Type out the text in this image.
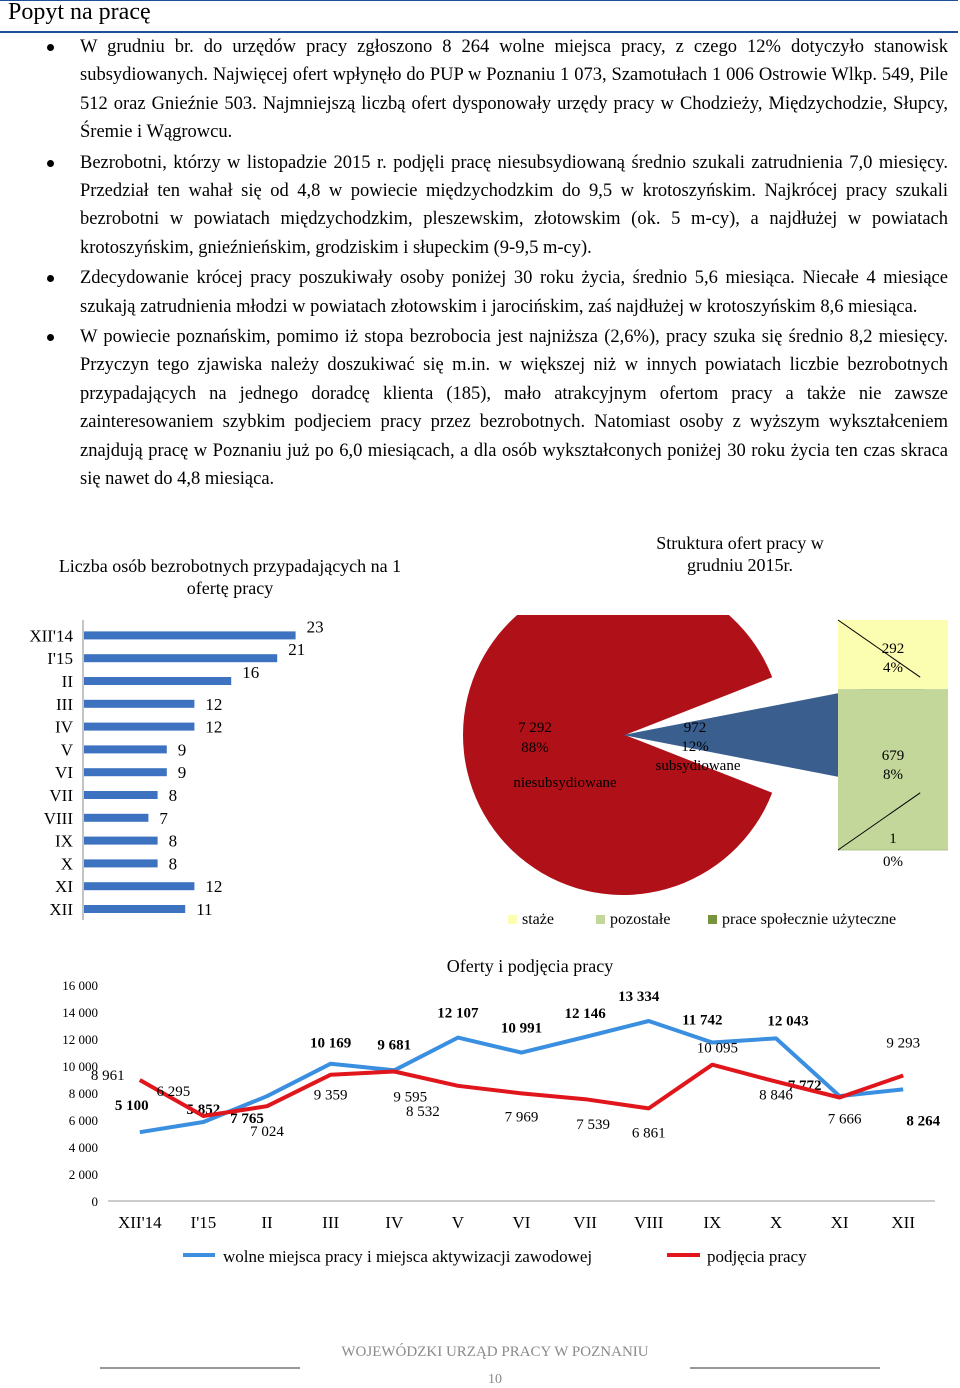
Popyt na pracę
W grudniu br. do urzędów pracy zgłoszono 8 264 wolne miejsca pracy, z czego 12% dotyczyło stanowisk subsydiowanych. Najwięcej ofert wpłynęło do PUP w Poznaniu 1 073, Szamotułach 1 006 Ostrowie Wlkp. 549, Pile 512 oraz Gnieźnie 503. Najmniejszą liczbą ofert dysponowały urzędy pracy w Chodzieży, Międzychodzie, Słupcy, Śremie i Wągrowcu.
Bezrobotni, którzy w listopadzie 2015 r. podjęli pracę niesubsydiowaną średnio szukali zatrudnienia 7,0 miesięcy. Przedział ten wahał się od 4,8 w powiecie międzychodzkim do 9,5 w krotoszyńskim. Najkrócej pracy szukali bezrobotni w powiatach międzychodzkim, pleszewskim, złotowskim (ok. 5 m-cy), a najdłużej w powiatach krotoszyńskim, gnieźnieńskim, grodziskim i słupeckim (9-9,5 m-cy).
Zdecydowanie krócej pracy poszukiwały osoby poniżej 30 roku życia, średnio 5,6 miesiąca. Niecałe 4 miesiące szukają zatrudnienia młodzi w powiatach złotowskim i jarocińskim, zaś najdłużej w krotoszyńskim 8,6 miesiąca.
W powiecie poznańskim, pomimo iż stopa bezrobocia jest najniższa (2,6%), pracy szuka się średnio 8,2 miesięcy. Przyczyn tego zjawiska należy doszukiwać się m.in. w większej niż w innych powiatach liczbie bezrobotnych przypadających na jednego doradcę klienta (185), mało atrakcyjnym ofertom pracy a także nie zawsze zainteresowaniem szybkim podjeciem pracy przez bezrobotnych. Natomiast osoby z wyższym wykształceniem znajdują pracę w Poznaniu już po 6,0 miesiącach, a dla osób wykształconych poniżej 30 roku życia ten czas skraca się nawet do 4,8 miesiąca.
Liczba osób bezrobotnych przypadających na 1 ofertę pracy
XII'14	23
I'15	21
II	16
III	12
IV	12
V	9
VI	9
VII	8
VIII	7
IX	8
X	8
XI	12
XII	11
Struktura ofert pracy w grudniu 2015r.
7 292
88%
niesubsydiowane
972
12%
subsydiowane
292
4%
679
8%
1
0%
staże	pozostałe	prace społecznie użyteczne
Oferty i podjęcia pracy
0
2 000
4 000
6 000
8 000
10 000
12 000
14 000
16 000
XII'14 I'15	II	III	IV	V	VI	VII VIII IX	X	XI	XII
5 100	5 852
7 765
10 169 9 681
12 107
10 991
12 146
13 334
11 742	12 043
7 772
8 264
8 961
6 295
7 024
9 359	9 595
8 532	7 969	7 539
6 861
10 095
8 846
7 666
9 293
wolne miejsca pracy i miejsca aktywizacji zawodowej	podjęcia pracy
WOJEWÓDZKI URZĄD PRACY W POZNANIU
10
